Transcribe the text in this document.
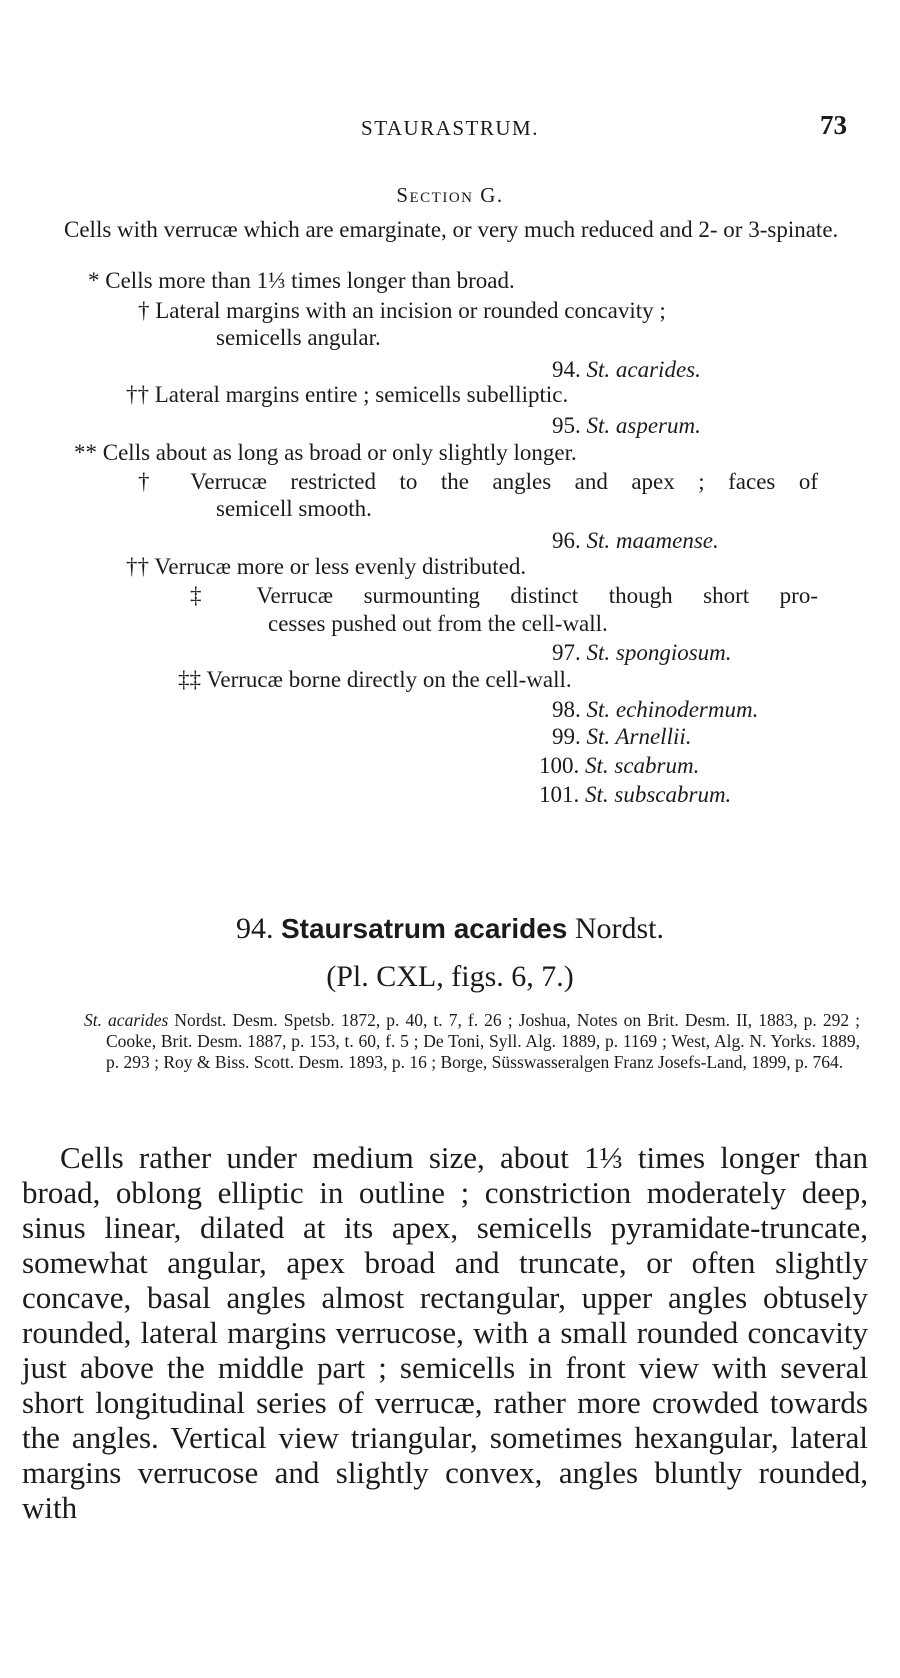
STAURASTRUM.	73
Section G.
Cells with verrucæ which are emarginate, or very much reduced and 2- or 3-spinate.
* Cells more than 1⅓ times longer than broad.
† Lateral margins with an incision or rounded concavity ;
semicells angular.
94. St. acarides.
†† Lateral margins entire ; semicells subelliptic.
95. St. asperum.
** Cells about as long as broad or only slightly longer.
† Verrucæ restricted to the angles and apex ; faces of
semicell smooth.
96. St. maamense.
†† Verrucæ more or less evenly distributed.
‡ Verrucæ surmounting distinct though short pro-
cesses pushed out from the cell-wall.
97. St. spongiosum.
‡‡ Verrucæ borne directly on the cell-wall.
98. St. echinodermum.
99. St. Arnellii.
100. St. scabrum.
101. St. subscabrum.
94. Staursatrum acarides Nordst.
(Pl. CXL, figs. 6, 7.)
St. acarides Nordst. Desm. Spetsb. 1872, p. 40, t. 7, f. 26 ; Joshua, Notes on Brit. Desm. II, 1883, p. 292 ; Cooke, Brit. Desm. 1887, p. 153, t. 60, f. 5 ; De Toni, Syll. Alg. 1889, p. 1169 ; West, Alg. N. Yorks. 1889, p. 293 ; Roy & Biss. Scott. Desm. 1893, p. 16 ; Borge, Süsswasseralgen Franz Josefs-Land, 1899, p. 764.
Cells rather under medium size, about 1⅓ times longer than broad, oblong elliptic in outline ; constriction moderately deep, sinus linear, dilated at its apex, semicells pyramidate-truncate, somewhat angular, apex broad and truncate, or often slightly concave, basal angles almost rectangular, upper angles obtusely rounded, lateral margins verrucose, with a small rounded concavity just above the middle part ; semicells in front view with several short longitudinal series of verrucæ, rather more crowded towards the angles. Vertical view triangular, sometimes hexangular, lateral margins verrucose and slightly convex, angles bluntly rounded, with
